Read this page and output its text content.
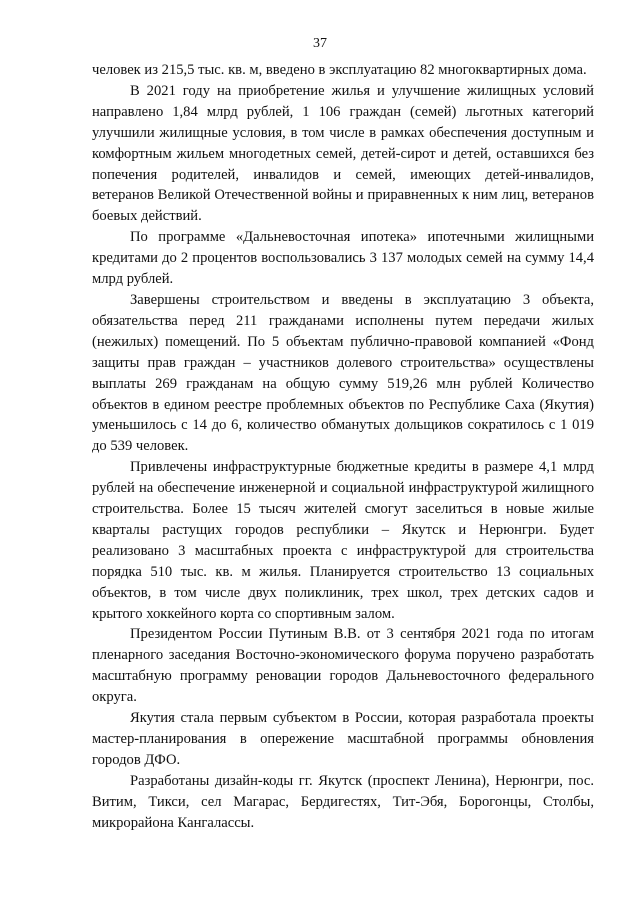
37

человек из 215,5 тыс. кв. м, введено в эксплуатацию 82 многоквартирных дома.

В 2021 году на приобретение жилья и улучшение жилищных условий направлено 1,84 млрд рублей, 1 106 граждан (семей) льготных категорий улучшили жилищные условия, в том числе в рамках обеспечения доступным и комфортным жильем многодетных семей, детей-сирот и детей, оставшихся без попечения родителей, инвалидов и семей, имеющих детей-инвалидов, ветеранов Великой Отечественной войны и приравненных к ним лиц, ветеранов боевых действий.

По программе «Дальневосточная ипотека» ипотечными жилищными кредитами до 2 процентов воспользовались 3 137 молодых семей на сумму 14,4 млрд рублей.

Завершены строительством и введены в эксплуатацию 3 объекта, обязательства перед 211 гражданами исполнены путем передачи жилых (нежилых) помещений. По 5 объектам публично-правовой компанией «Фонд защиты прав граждан – участников долевого строительства» осуществлены выплаты 269 гражданам на общую сумму 519,26 млн рублей Количество объектов в едином реестре проблемных объектов по Республике Саха (Якутия) уменьшилось с 14 до 6, количество обманутых дольщиков сократилось с 1 019 до 539 человек.

Привлечены инфраструктурные бюджетные кредиты в размере 4,1 млрд рублей на обеспечение инженерной и социальной инфраструктурой жилищного строительства. Более 15 тысяч жителей смогут заселиться в новые жилые кварталы растущих городов республики – Якутск и Нерюнгри. Будет реализовано 3 масштабных проекта с инфраструктурой для строительства порядка 510 тыс. кв. м жилья. Планируется строительство 13 социальных объектов, в том числе двух поликлиник, трех школ, трех детских садов и крытого хоккейного корта со спортивным залом.

Президентом России Путиным В.В. от 3 сентября 2021 года по итогам пленарного заседания Восточно-экономического форума поручено разработать масштабную программу реновации городов Дальневосточного федерального округа.

Якутия стала первым субъектом в России, которая разработала проекты мастер-планирования в опережение масштабной программы обновления городов ДФО.

Разработаны дизайн-коды гг. Якутск (проспект Ленина), Нерюнгри, пос. Витим, Тикси, сел Магарас, Бердигестях, Тит-Эбя, Борогонцы, Столбы, микрорайона Кангалассы.
